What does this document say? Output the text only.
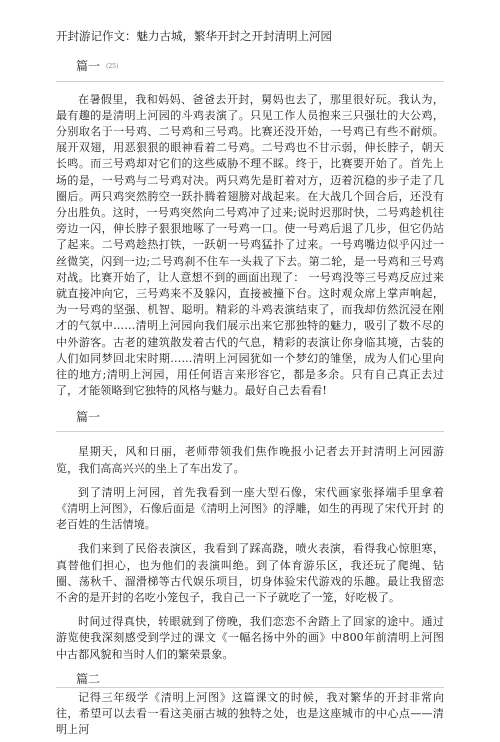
开封游记作文：魅力古城，繁华开封之开封清明上河园
篇一 (25)

在暑假里，我和妈妈、爸爸去开封，舅妈也去了，那里很好玩。我认为， 最有趣的是清明上河园的斗鸡表演了。只见工作人员抱来三只强壮的大公鸡， 分别取名于一号鸡、二号鸡和三号鸡。比赛还没开始，一号鸡已有些不耐烦。 展开双翅，用恶狠狠的眼神看着二号鸡。二号鸡也不甘示弱，伸长脖子，朝天 长鸣。而三号鸡却对它们的这些威胁不理不睬。终于，比赛要开始了。首先上 场的是，一号鸡与二号鸡对决。两只鸡先是盯着对方，迈着沉稳的步子走了几 圈后。两只鸡突然胯空一跃扑腾着翅膀对战起来。在大战几个回合后，还没有 分出胜负。这时，一号鸡突然向二号鸡冲了过来;说时迟那时快，二号鸡趁机往 旁边一闪，伸长脖子狠狠地啄了一号鸡一口。使一号鸡后退了几步，但它仍站 了起来。二号鸡趁热打铁，一跃朝一号鸡猛扑了过来。一号鸡嘴边似乎闪过一 丝微笑，闪到一边;二号鸡刹不住车一头栽了下去。第二轮，是一号鸡和三号鸡 对战。比赛开始了，让人意想不到的画面出现了： 一号鸡没等三号鸡反应过来 就直接冲向它，三号鸡来不及躲闪，直接被撞下台。这时观众席上掌声响起， 为一号鸡的坚强、机智、聪明。精彩的斗鸡表演结束了，而我却仿然沉浸在刚 才的气氛中……清明上河园向我们展示出来它那独特的魅力，吸引了数不尽的 中外游客。古老的建筑散发着古代的气息，精彩的表演让你身临其境，古装的 人们如同梦回北宋时期……清明上河园犹如一个梦幻的雏堡，成为人们心里向 往的地方;清明上河园，用任何语言来形容它，都是多余。只有自己真正去过 了，才能领略到它独特的风格与魅力。最好自己去看看!

篇一

星期天，风和日丽，老师带领我们焦作晚报小记者去开封清明上河园游 览，我们高高兴兴的坐上了车出发了。

到了清明上河园，首先我看到一座大型石像，宋代画家张择端手里拿着 《清明上河图》，石像后面是《清明上河图》的浮雕，如生的再现了宋代开封 的老百姓的生活情境。

我们来到了民俗表演区，我看到了踩高跷，喷火表演，看得我心惊胆寒， 真替他们担心，也为他们的表演叫绝。到了体育游乐区，我还玩了爬绳、钻 圈、荡秋千、溜滑梯等古代娱乐项目，切身体验宋代游戏的乐趣。最让我留恋 不舍的是开封的名吃小笼包子，我自己一下子就吃了一笼，好吃极了。

时间过得真快，转眼就到了傍晚，我们恋恋不舍踏上了回家的途中。通过 游览使我深刻感受到学过的课文《一幅名扬中外的画》中800年前清明上河图 中古都风貌和当时人们的繁荣景象。

篇二

记得三年级学《清明上河图》这篇课文的时候，我对繁华的开封非常向 往，希望可以去看一看这美丽古城的独特之处，也是这座城市的中心点——清 明上河
